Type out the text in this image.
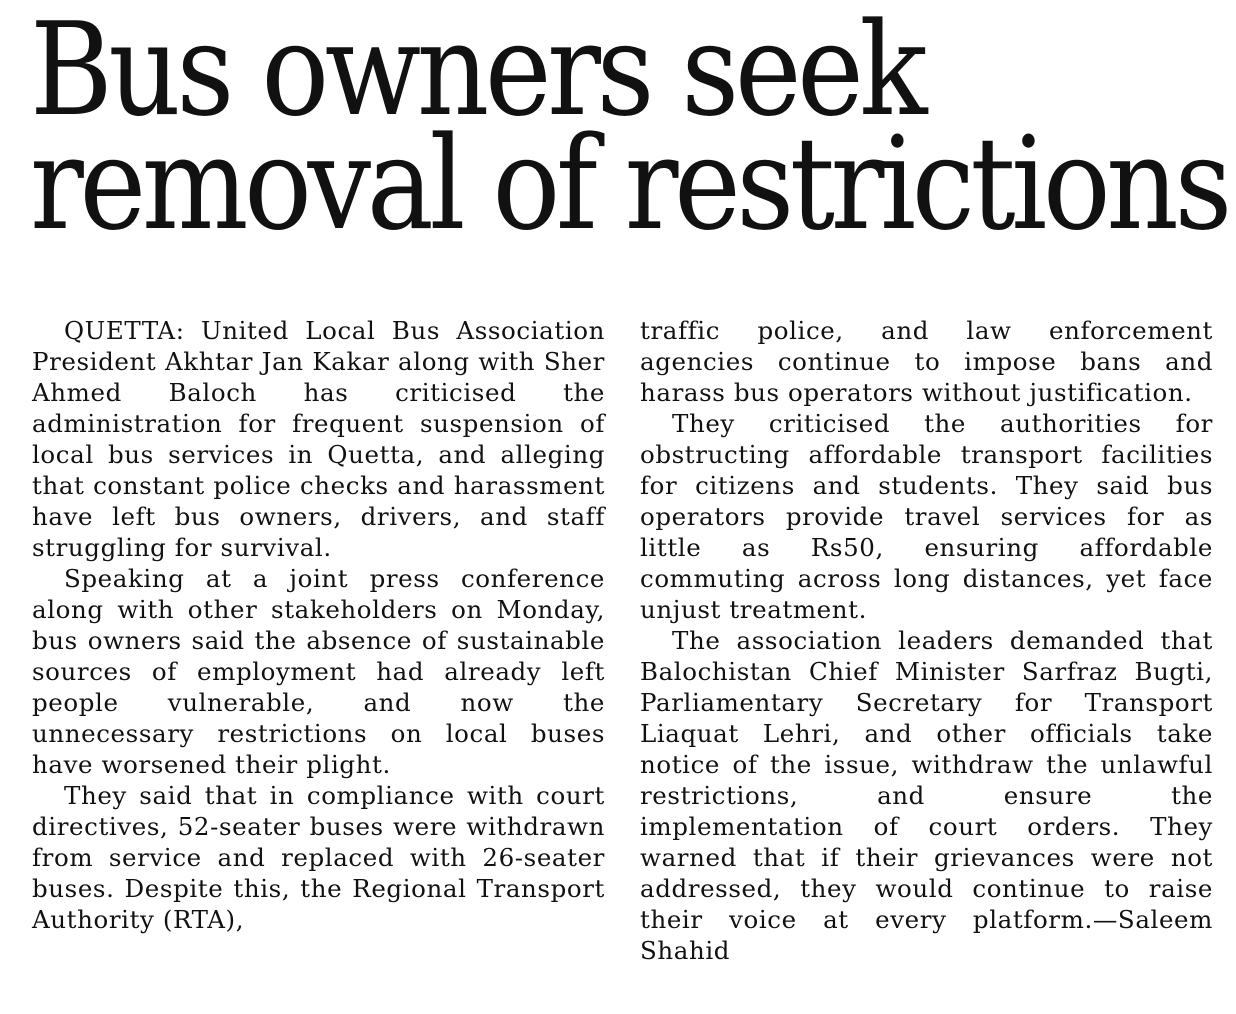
Bus owners seek
removal of restrictions

QUETTA: United Local Bus Association President Akhtar Jan Kakar along with Sher Ahmed Baloch has criticised the administration for frequent suspension of local bus services in Quetta, and alleging that constant police checks and harassment have left bus owners, drivers, and staff struggling for survival.

Speaking at a joint press conference along with other stakeholders on Monday, bus owners said the absence of sustainable sources of employment had already left people vulnerable, and now the unnecessary restrictions on local buses have worsened their plight.

They said that in compliance with court directives, 52-seater buses were withdrawn from service and replaced with 26-seater buses. Despite this, the Regional Transport Authority (RTA),

traffic police, and law enforcement agencies continue to impose bans and harass bus operators without justification.

They criticised the authorities for obstructing affordable transport facilities for citizens and students. They said bus operators provide travel services for as little as Rs50, ensuring affordable commuting across long distances, yet face unjust treatment.

The association leaders demanded that Balochistan Chief Minister Sarfraz Bugti, Parliamentary Secretary for Transport Liaquat Lehri, and other officials take notice of the issue, withdraw the unlawful restrictions, and ensure the implementation of court orders. They warned that if their grievances were not addressed, they would continue to raise their voice at every platform.—Saleem Shahid
